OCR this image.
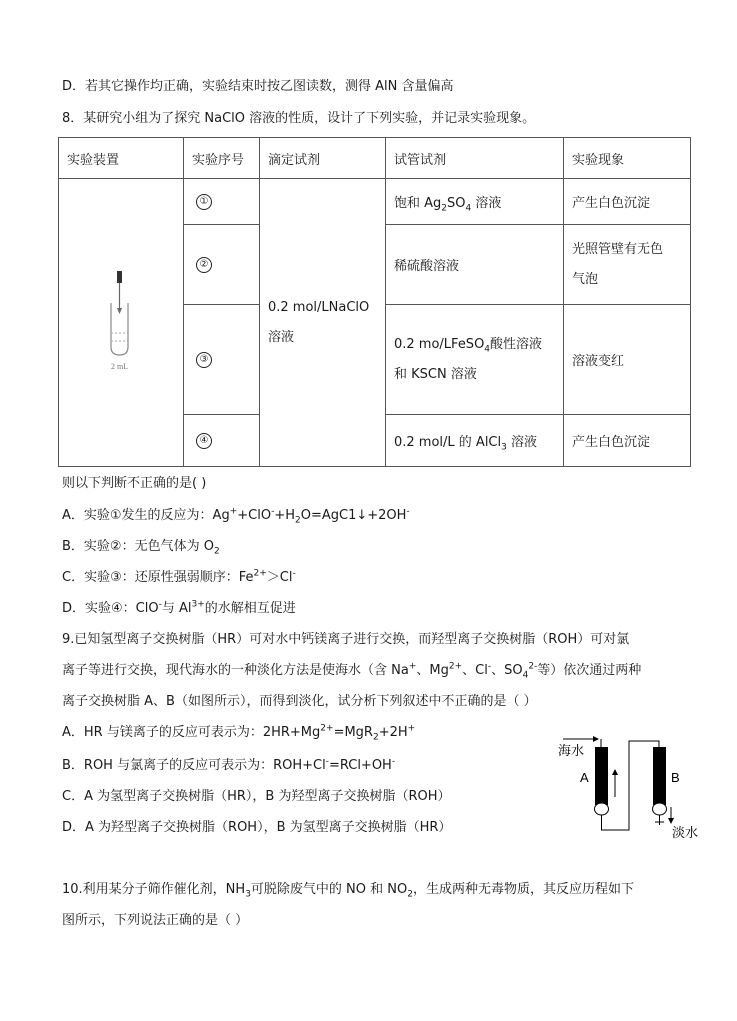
D．若其它操作均正确，实验结束时按乙图读数，测得 AlN 含量偏高
8．某研究小组为了探究 NaClO 溶液的性质，设计了下列实验，并记录实验现象。
实验装置	实验序号	滴定试剂	试管试剂	实验现象

2 mL	①	0.2 mol/LNaClO 溶液	饱和 $Ag_2SO_4$ 溶液	产生白色沉淀
	②		稀硫酸溶液	光照管壁有无色
气泡
	③		0.2 mo/LFeSO$_4$酸性溶液
和 KSCN 溶液	溶液变红
	④		0.2 mol/L 的 AlCl$_3$ 溶液	产生白色沉淀
则以下判断不正确的是( )
A．实验①发生的反应为：$Ag^++ClO^-+H_2O=AgC1↓+2OH^-$
B．实验②：无色气体为 $O_2$
C．实验③：还原性强弱顺序：$Fe^{2+}>Cl^-$
D．实验④：ClO-与 $Al^{3+}$的水解相互促进
9.已知氢型离子交换树脂（HR）可对水中钙镁离子进行交换，而羟型离子交换树脂（ROH）可对氯
离子等进行交换，现代海水的一种淡化方法是使海水（含 Na+、$Mg^{2+}$、Cl-、$SO_4^{2-}$等）依次通过两种
离子交换树脂 A、B（如图所示），而得到淡化，试分析下列叙述中不正确的是（ ）
A．HR 与镁离子的反应可表示为：$2HR+Mg^{2+}=MgR_2+2H^+$
B．ROH 与氯离子的反应可表示为：ROH+Cl-=RCl+OH-
C．A 为氢型离子交换树脂（HR），B 为羟型离子交换树脂（ROH）
D．A 为羟型离子交换树脂（ROH），B 为氢型离子交换树脂（HR）
海水
A	B
淡水
10.利用某分子筛作催化剂，$NH_3$可脱除废气中的 NO 和 $NO_2$，生成两种无毒物质，其反应历程如下
图所示，下列说法正确的是（ ）
